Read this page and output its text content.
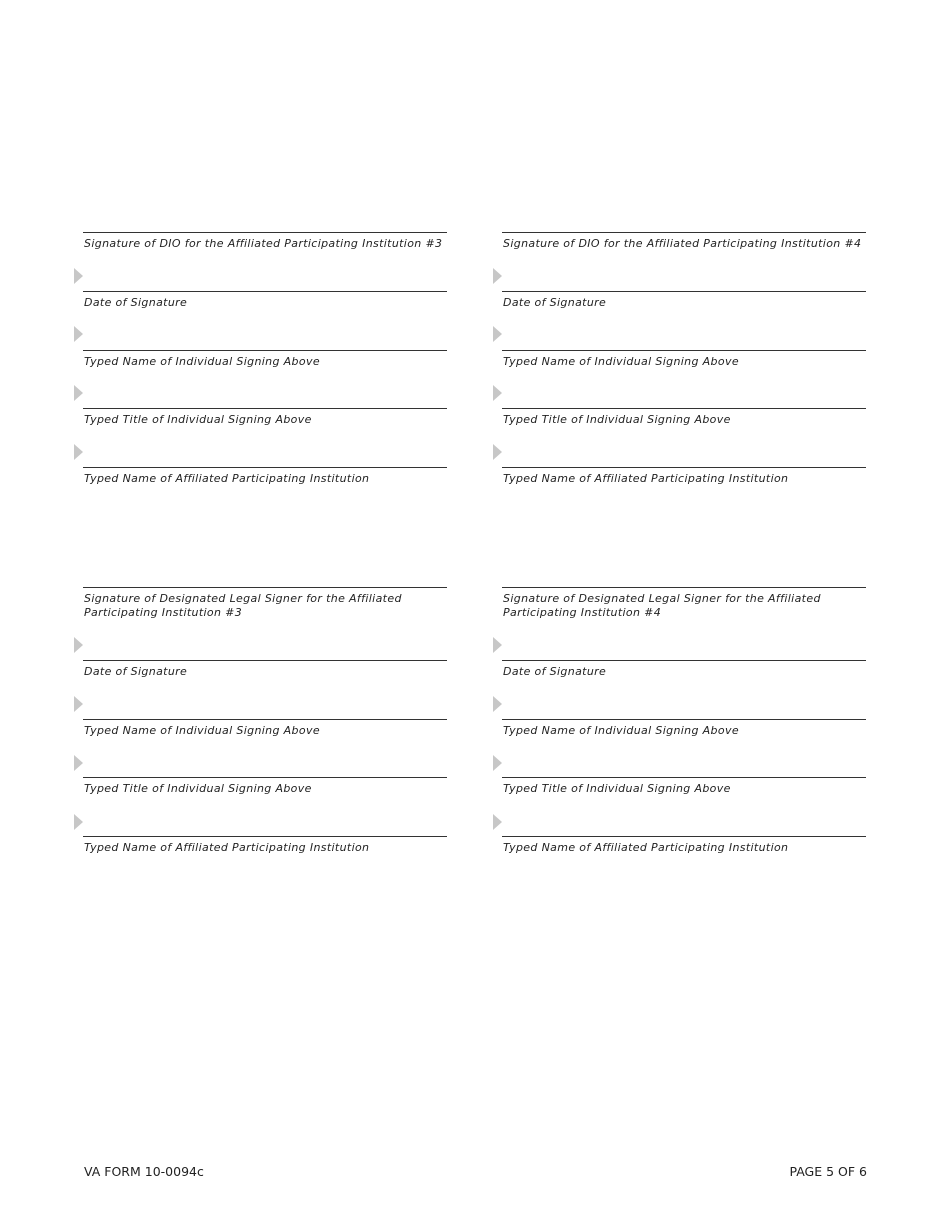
Signature of DIO for the Affiliated Participating Institution #3
Date of Signature
Typed Name of Individual Signing Above
Typed Title of Individual Signing Above
Typed Name of Affiliated Participating Institution
Signature of DIO for the Affiliated Participating Institution #4
Date of Signature
Typed Name of Individual Signing Above
Typed Title of Individual Signing Above
Typed Name of Affiliated Participating Institution
Signature of Designated Legal Signer for the Affiliated Participating Institution #3
Date of Signature
Typed Name of Individual Signing Above
Typed Title of Individual Signing Above
Typed Name of Affiliated Participating Institution
Signature of Designated Legal Signer for the Affiliated Participating Institution #4
Date of Signature
Typed Name of Individual Signing Above
Typed Title of Individual Signing Above
Typed Name of Affiliated Participating Institution
VA FORM 10-0094c	PAGE 5 OF 6
